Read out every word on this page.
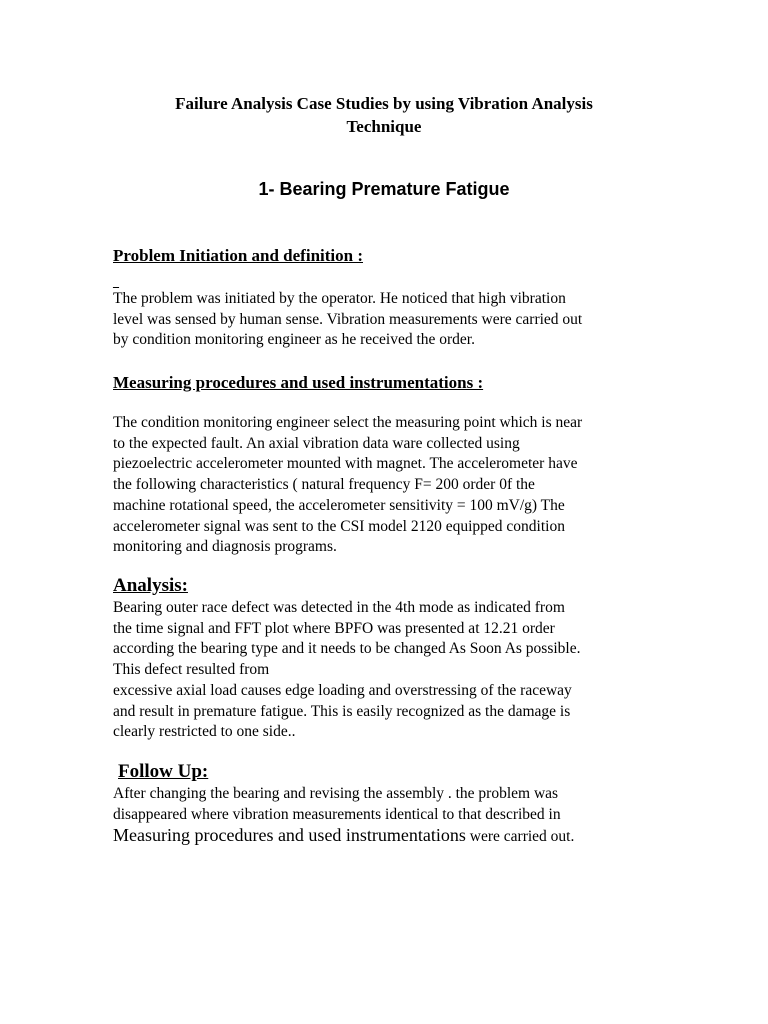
Failure Analysis Case Studies by using Vibration Analysis
Technique
1- Bearing Premature Fatigue
Problem Initiation and definition :
_
The problem was initiated by the operator. He noticed that high vibration
level was sensed by human sense. Vibration measurements were carried out
by condition monitoring engineer as he received the order.
Measuring procedures and used instrumentations :
The condition monitoring engineer select the measuring point which is near
to the expected fault. An axial vibration data ware collected using
piezoelectric accelerometer mounted with magnet. The accelerometer have
the following characteristics ( natural frequency F= 200 order 0f the
machine rotational speed, the accelerometer sensitivity = 100 mV/g) The
accelerometer signal was sent to the CSI model 2120 equipped condition
monitoring and diagnosis programs.
Analysis:
Bearing outer race defect was detected in the 4th mode as indicated from
the time signal and FFT plot where BPFO was presented at 12.21 order
according the bearing type and it needs to be changed As Soon As possible.
This defect resulted from
excessive axial load causes edge loading and overstressing of the raceway
and result in premature fatigue. This is easily recognized as the damage is
clearly restricted to one side..
Follow Up:
After changing the bearing and revising the assembly . the problem was
disappeared where vibration measurements identical to that described in
Measuring procedures and used instrumentations were carried out.
